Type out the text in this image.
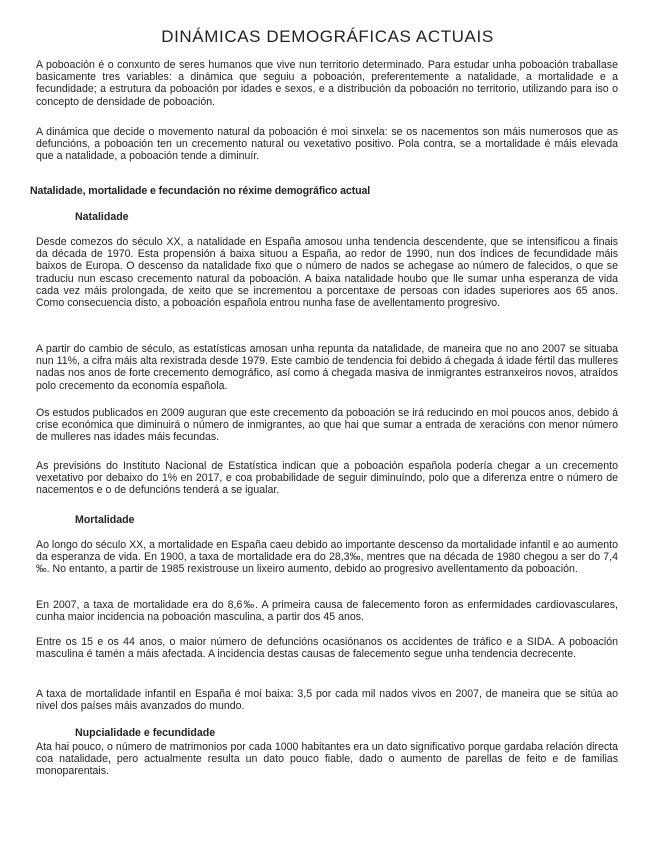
DINÁMICAS DEMOGRÁFICAS ACTUAIS

A poboación é o conxunto de seres humanos que vive nun territorio determinado. Para estudar unha poboación traballase basicamente tres variables: a dinámica que seguiu a poboación, preferentemente a natalidade, a mortalidade e a fecundidade; a estrutura da poboación por idades e sexos, e a distribución da poboación no territorio, utilizando para iso o concepto de densidade de poboación.

A dinámica que decide o movemento natural da poboación é moi sinxela: se os nacementos son máis numerosos que as defuncións, a poboación ten un crecemento natural ou vexetativo positivo. Pola contra, se a mortalidade é máis elevada que a natalidade, a poboación tende a diminuír.

Natalidade, mortalidade e fecundación no réxime demográfico actual
Natalidade

Desde comezos do século XX, a natalidade en España amosou unha tendencia descendente, que se intensificou a finais da década de 1970. Esta propensión á baixa situou a España, ao redor de 1990, nun dos índices de fecundidade máis baixos de Europa. O descenso da natalidade fixo que o número de nados se achegase ao número de falecidos, o que se traduciu nun escaso crecemento natural da poboación. A baixa natalidade houbo que lle sumar unha esperanza de vida cada vez máis prolongada, de xeito que se incrementou a porcentaxe de persoas con idades superiores aos 65 anos. Como consecuencia disto, a poboación española entrou nunha fase de avellentamento progresivo.

A partir do cambio de século, as estatísticas amosan unha repunta da natalidade, de maneira que no ano 2007 se situaba nun 11%, a cifra máis alta rexistrada desde 1979. Este cambio de tendencia foi debido á chegada á idade fértil das mulleres nadas nos anos de forte crecemento demográfico, así como á chegada masiva de inmigrantes estranxeiros novos, atraídos polo crecemento da economía española.

Os estudos publicados en 2009 auguran que este crecemento da poboación se irá reducindo en moi poucos anos, debido á crise económica que diminuirá o número de inmigrantes, ao que hai que sumar a entrada de xeracións con menor número de mulleres nas idades máis fecundas.

As previsións do Instituto Nacional de Estatística indican que a poboación española podería chegar a un crecemento vexetativo por debaixo do 1% en 2017, e coa probabilidade de seguir diminuíndo, polo que a diferenza entre o número de nacementos e o de defuncións tenderá a se igualar.

Mortalidade

Ao longo do século XX, a mortalidade en España caeu debido ao importante descenso da mortalidade infantil e ao aumento da esperanza de vida. En 1900, a taxa de mortalidade era do 28,3‰, mentres que na década de 1980 chegou a ser do 7,4 ‰. No entanto, a partir de 1985 rexistrouse un lixeiro aumento, debido ao progresivo avellentamento da poboación.

En 2007, a taxa de mortalidade era do 8,6‰. A primeira causa de falecemento foron as enfermidades cardiovasculares, cunha maior incidencia na poboación masculina, a partir dos 45 anos.

Entre os 15 e os 44 anos, o maior número de defuncións ocasiónanos os accidentes de tráfico e a SIDA. A poboación masculina é tamén a máis afectada. A incidencia destas causas de falecemento segue unha tendencia decrecente.

A taxa de mortalidade infantil en España é moi baixa: 3,5 por cada mil nados vivos en 2007, de maneira que se sitúa ao nivel dos países máis avanzados do mundo.

Nupcialidade e fecundidade

Ata hai pouco, o número de matrimonios por cada 1000 habitantes era un dato significativo porque gardaba relación directa coa natalidade, pero actualmente resulta un dato pouco fiable, dado o aumento de parellas de feito e de familias monoparentais.
